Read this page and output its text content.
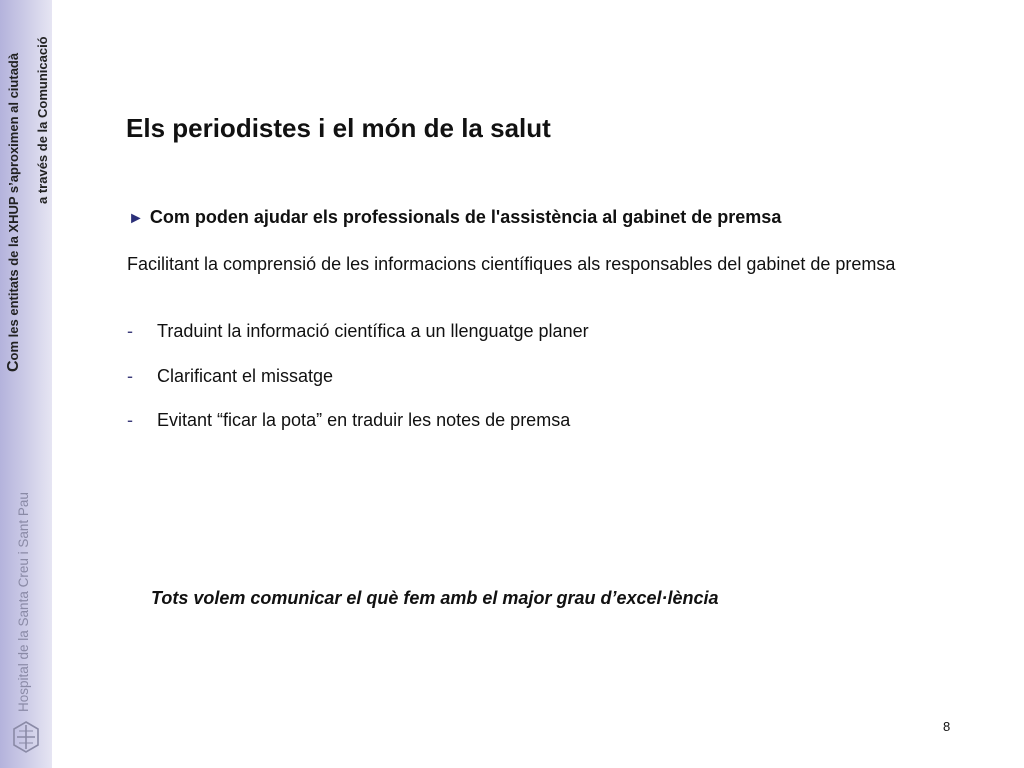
Com les entitats de la XHUP s’aproximen al ciutadà a través de la Comunicació
Hospital de la Santa Creu i Sant Pau
Els periodistes i el món de la salut
► Com poden ajudar els professionals de l'assistència al gabinet de premsa
Facilitant la comprensió de les informacions científiques als responsables del gabinet de premsa
- Traduint la informació científica a un llenguatge planer
- Clarificant el missatge
- Evitant “ficar la pota” en traduir les notes de premsa
Tots volem comunicar el què fem amb el major grau d’excel·lència
8
